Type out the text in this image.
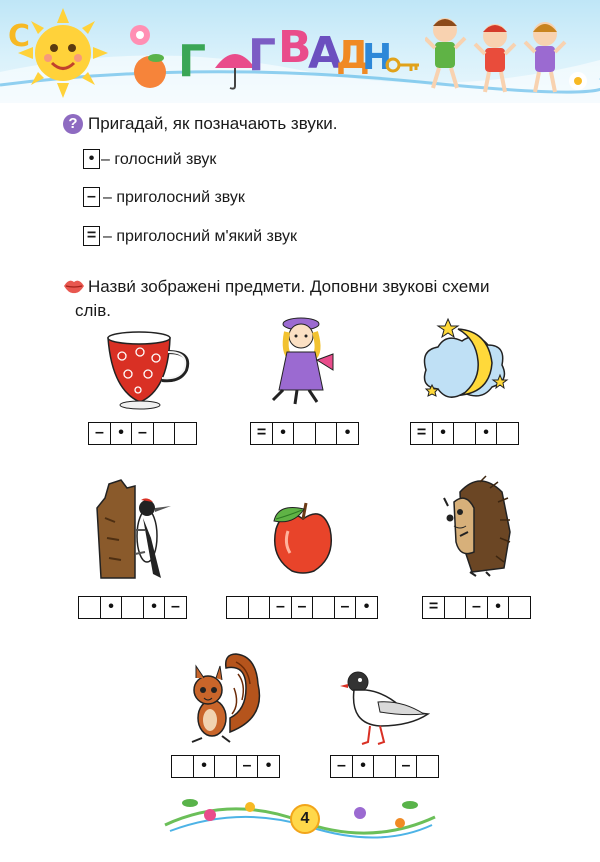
С	Г Г В
А
Д
Н
? Пригадай, як позначають звуки.
• – голосний звук
– – приголосний звук
= – приголосний м'який звук
Назви́ зображені предмети. Доповни звукові схеми
слів.
– • –	= •	•	= •	•
•	• –	– –	– •	=	– •
•	– •	– •	–
4
